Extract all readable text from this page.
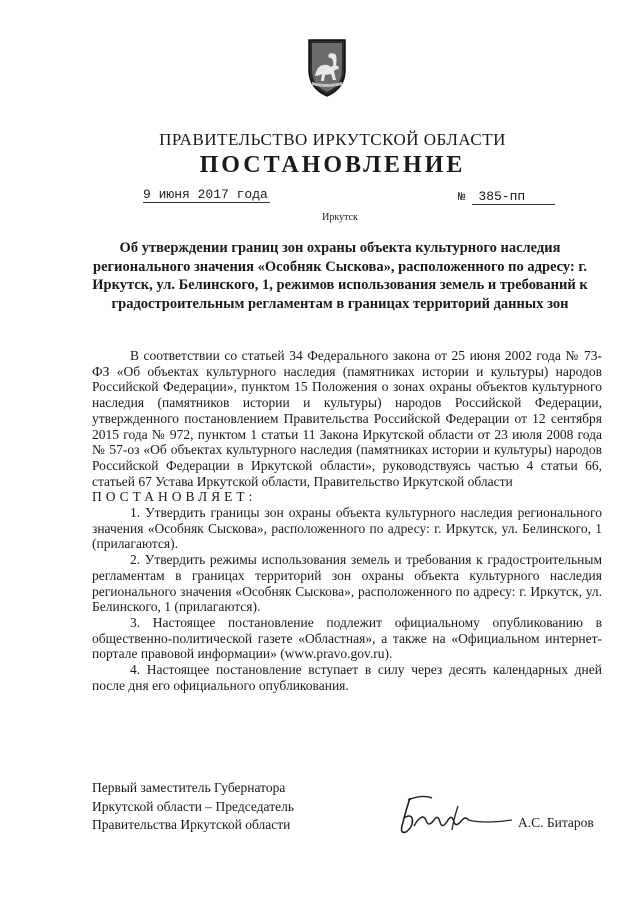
ПРАВИТЕЛЬСТВО ИРКУТСКОЙ ОБЛАСТИ
ПОСТАНОВЛЕНИЕ
9 июня 2017 года	№ 385-пп
Иркутск
Об утверждении границ зон охраны объекта культурного наследия регионального значения «Особняк Сыскова», расположенного по адресу: г. Иркутск, ул. Белинского, 1, режимов использования земель и требований к градостроительным регламентам в границах территорий данных зон

В соответствии со статьей 34 Федерального закона от 25 июня 2002 года № 73-ФЗ «Об объектах культурного наследия (памятниках истории и культуры) народов Российской Федерации», пунктом 15 Положения о зонах охраны объектов культурного наследия (памятников истории и культуры) народов Российской Федерации, утвержденного постановлением Правительства Российской Федерации от 12 сентября 2015 года № 972, пунктом 1 статьи 11 Закона Иркутской области от 23 июля 2008 года № 57-оз «Об объектах культурного наследия (памятниках истории и культуры) народов Российской Федерации в Иркутской области», руководствуясь частью 4 статьи 66, статьей 67 Устава Иркутской области, Правительство Иркутской области

ПОСТАНОВЛЯЕТ:

1. Утвердить границы зон охраны объекта культурного наследия регионального значения «Особняк Сыскова», расположенного по адресу: г. Иркутск, ул. Белинского, 1 (прилагаются).

2. Утвердить режимы использования земель и требования к градостроительным регламентам в границах территорий зон охраны объекта культурного наследия регионального значения «Особняк Сыскова», расположенного по адресу: г. Иркутск, ул. Белинского, 1 (прилагаются).

3. Настоящее постановление подлежит официальному опубликованию в общественно-политической газете «Областная», а также на «Официальном интернет-портале правовой информации» (www.pravo.gov.ru).

4. Настоящее постановление вступает в силу через десять календарных дней после дня его официального опубликования.

Первый заместитель Губернатора
Иркутской области – Председатель
Правительства Иркутской области	А.С. Битаров
